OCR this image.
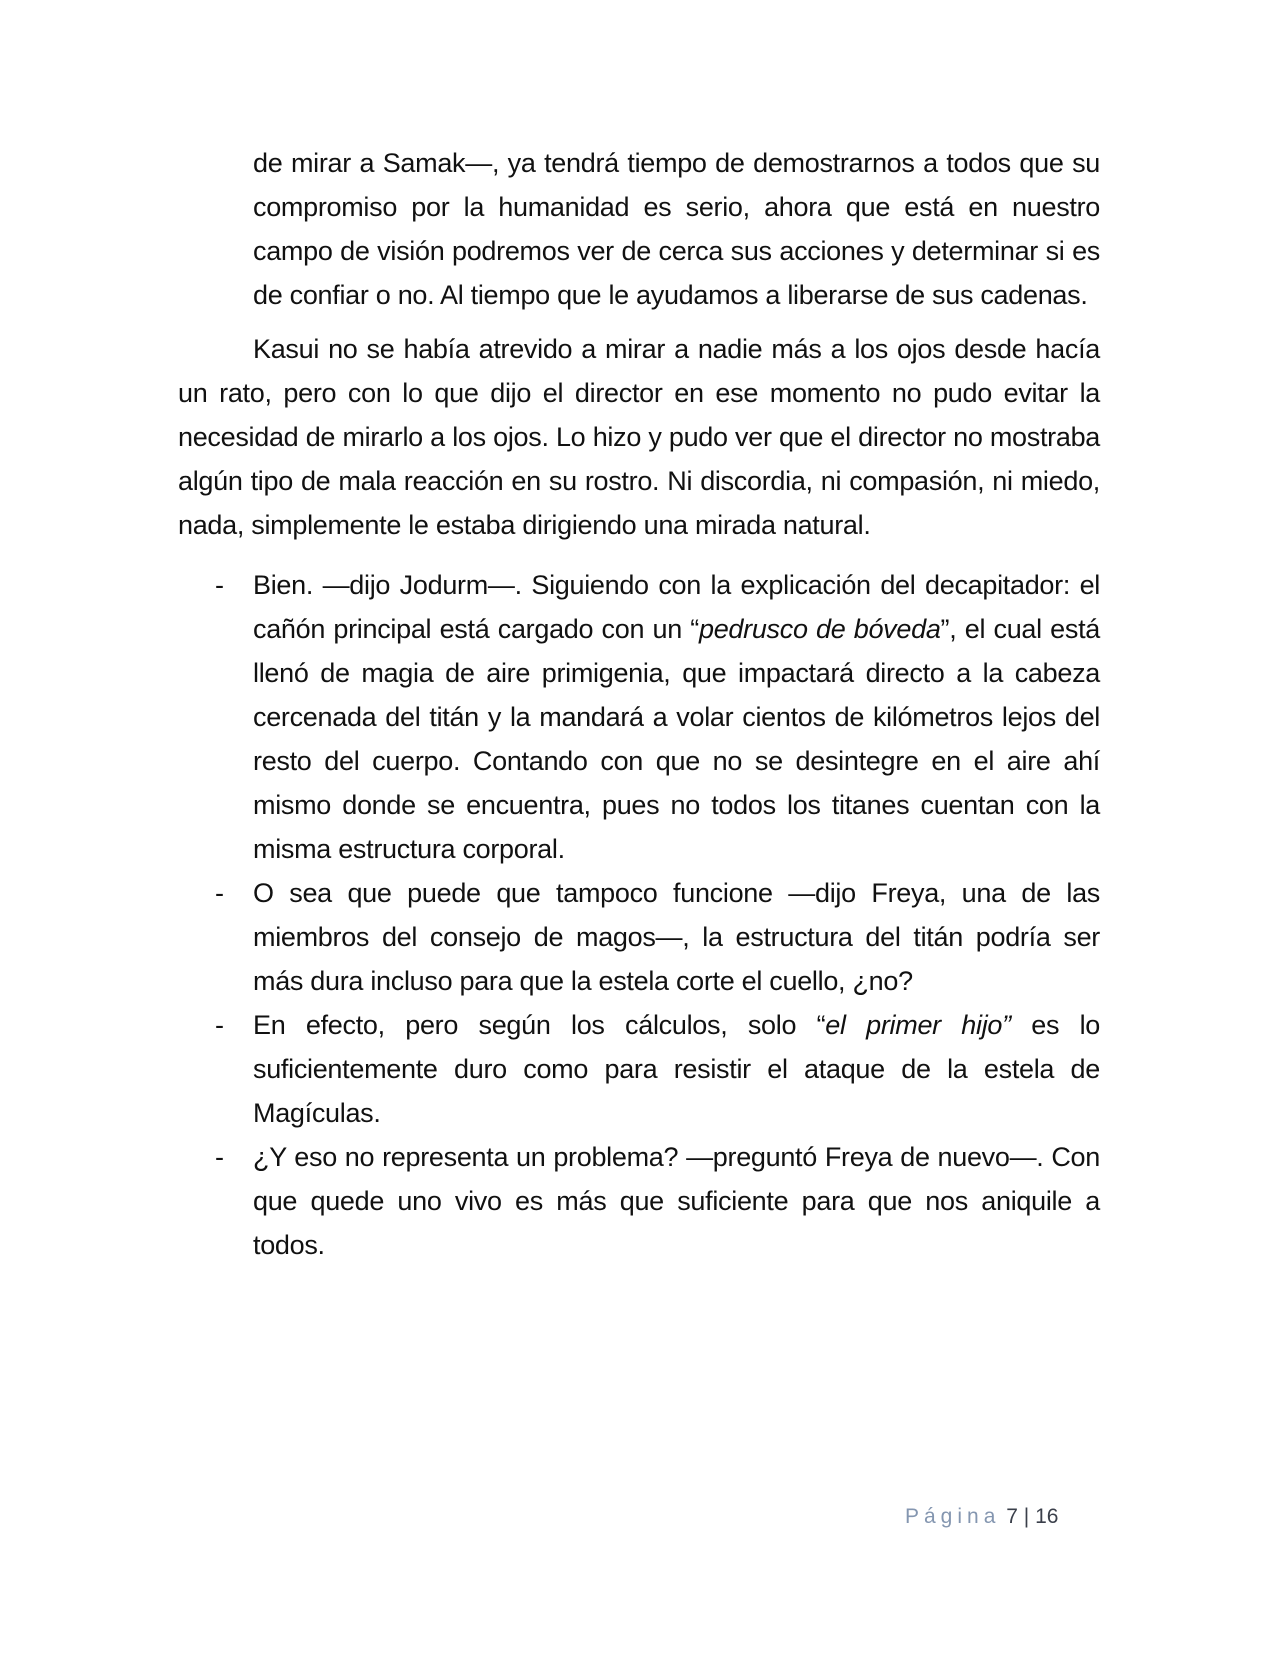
de mirar a Samak—, ya tendrá tiempo de demostrarnos a todos que su compromiso por la humanidad es serio, ahora que está en nuestro campo de visión podremos ver de cerca sus acciones y determinar si es de confiar o no. Al tiempo que le ayudamos a liberarse de sus cadenas.

Kasui no se había atrevido a mirar a nadie más a los ojos desde hacía un rato, pero con lo que dijo el director en ese momento no pudo evitar la necesidad de mirarlo a los ojos. Lo hizo y pudo ver que el director no mostraba algún tipo de mala reacción en su rostro. Ni discordia, ni compasión, ni miedo, nada, simplemente le estaba dirigiendo una mirada natural.

- Bien. —dijo Jodurm—. Siguiendo con la explicación del decapitador: el cañón principal está cargado con un “pedrusco de bóveda”, el cual está llenó de magia de aire primigenia, que impactará directo a la cabeza cercenada del titán y la mandará a volar cientos de kilómetros lejos del resto del cuerpo. Contando con que no se desintegre en el aire ahí mismo donde se encuentra, pues no todos los titanes cuentan con la misma estructura corporal.

- O sea que puede que tampoco funcione —dijo Freya, una de las miembros del consejo de magos—, la estructura del titán podría ser más dura incluso para que la estela corte el cuello, ¿no?

- En efecto, pero según los cálculos, solo “el primer hijo” es lo suficientemente duro como para resistir el ataque de la estela de Magículas.

- ¿Y eso no representa un problema? —preguntó Freya de nuevo—. Con que quede uno vivo es más que suficiente para que nos aniquile a todos.

Página 7 | 16
